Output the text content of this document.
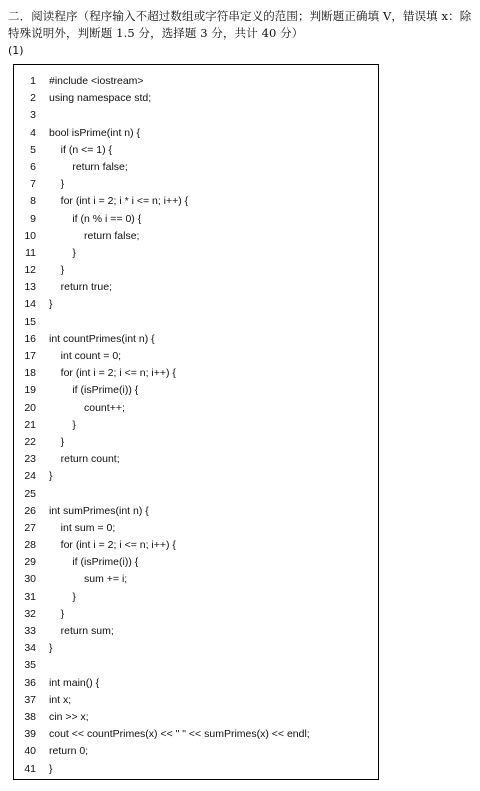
二．阅读程序（程序输入不超过数组或字符串定义的范围；判断题正确填 V，错误填 x：除特殊说明外，判断题 1.5 分，选择题 3 分，共计 40 分）
(1)
1 #include <iostream>
2 using namespace std;
3
4 bool isPrime(int n) {
5 if (n <= 1) {
6 return false;
7 }
8 for (int i = 2; i * i <= n; i++) {
9 if (n % i == 0) {
10 return false;
11 }
12 }
13 return true;
14 }
15
16 int countPrimes(int n) {
17 int count = 0;
18 for (int i = 2; i <= n; i++) {
19 if (isPrime(i)) {
20 count++;
21 }
22 }
23 return count;
24 }
25
26 int sumPrimes(int n) {
27 int sum = 0;
28 for (int i = 2; i <= n; i++) {
29 if (isPrime(i)) {
30 sum += i;
31 }
32 }
33 return sum;
34 }
35
36 int main() {
37 int x;
38 cin >> x;
39 cout << countPrimes(x) << " " << sumPrimes(x) << endl;
40 return 0;
41 }
